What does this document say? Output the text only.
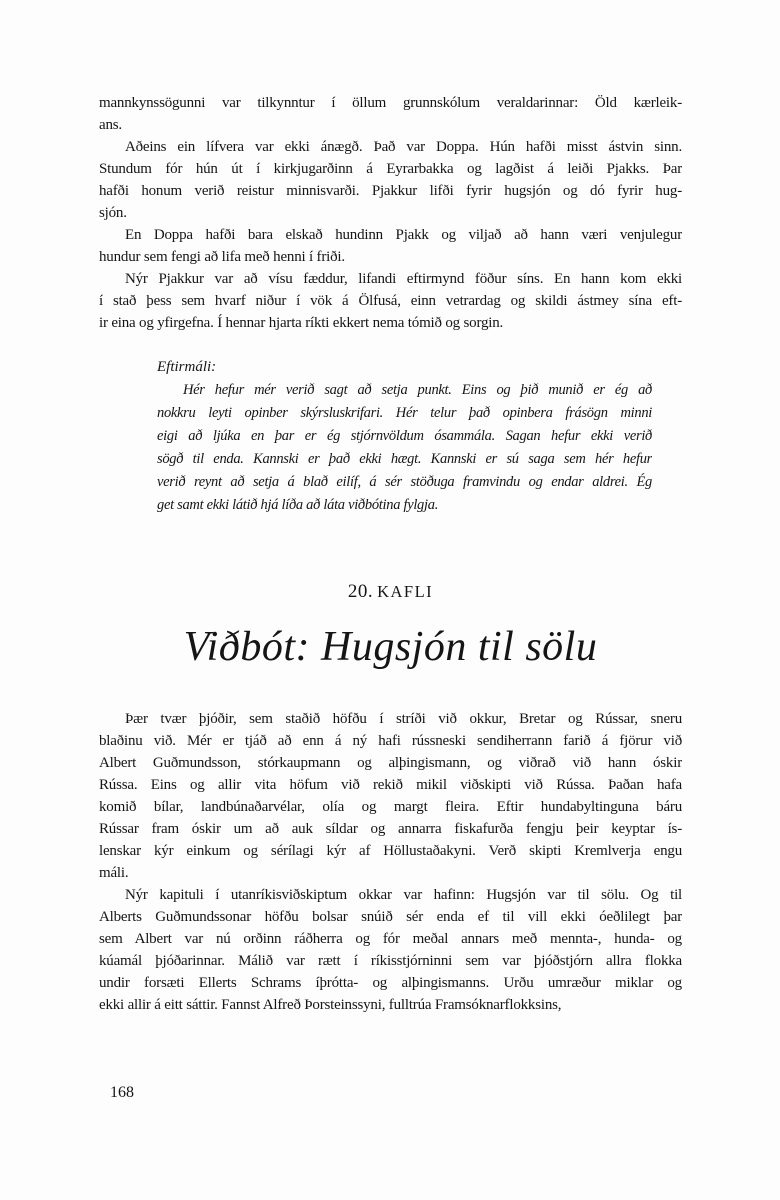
mannkynssögunni var tilkynntur í öllum grunnskólum veraldarinnar: Öld kærleik-
ans.
Aðeins ein lífvera var ekki ánægð. Það var Doppa. Hún hafði misst ástvin sinn.
Stundum fór hún út í kirkjugarðinn á Eyrarbakka og lagðist á leiði Pjakks. Þar
hafði honum verið reistur minnisvarði. Pjakkur lifði fyrir hugsjón og dó fyrir hug-
sjón.
En Doppa hafði bara elskað hundinn Pjakk og viljað að hann væri venjulegur
hundur sem fengi að lifa með henni í friði.
Nýr Pjakkur var að vísu fæddur, lifandi eftirmynd föður síns. En hann kom ekki
í stað þess sem hvarf niður í vök á Ölfusá, einn vetrardag og skildi ástmey sína eft-
ir eina og yfirgefna. Í hennar hjarta ríkti ekkert nema tómið og sorgin.
Eftirmáli:
Hér hefur mér verið sagt að setja punkt. Eins og þið munið er ég að
nokkru leyti opinber skýrsluskrifari. Hér telur það opinbera frásögn minni
eigi að ljúka en þar er ég stjórnvöldum ósammála. Sagan hefur ekki verið
sögð til enda. Kannski er það ekki hægt. Kannski er sú saga sem hér hefur
verið reynt að setja á blað eilíf, á sér stöðuga framvindu og endar aldrei. Ég
get samt ekki látið hjá líða að láta viðbótina fylgja.
20. KAFLI
Viðbót: Hugsjón til sölu
Þær tvær þjóðir, sem staðið höfðu í stríði við okkur, Bretar og Rússar, sneru
blaðinu við. Mér er tjáð að enn á ný hafi rússneski sendiherrann farið á fjörur við
Albert Guðmundsson, stórkaupmann og alþingismann, og viðrað við hann óskir
Rússa. Eins og allir vita höfum við rekið mikil viðskipti við Rússa. Þaðan hafa
komið bílar, landbúnaðarvélar, olía og margt fleira. Eftir hundabyltinguna báru
Rússar fram óskir um að auk síldar og annarra fiskafurða fengju þeir keyptar ís-
lenskar kýr einkum og sérílagi kýr af Höllustaðakyni. Verð skipti Kremlverja engu
máli.
Nýr kapituli í utanríkisviðskiptum okkar var hafinn: Hugsjón var til sölu. Og til
Alberts Guðmundssonar höfðu bolsar snúið sér enda ef til vill ekki óeðlilegt þar
sem Albert var nú orðinn ráðherra og fór meðal annars með mennta-, hunda- og
kúamál þjóðarinnar. Málið var rætt í ríkisstjórninni sem var þjóðstjórn allra flokka
undir forsæti Ellerts Schrams íþrótta- og alþingismanns. Urðu umræður miklar og
ekki allir á eitt sáttir. Fannst Alfreð Þorsteinssyni, fulltrúa Framsóknarflokksins,
168
